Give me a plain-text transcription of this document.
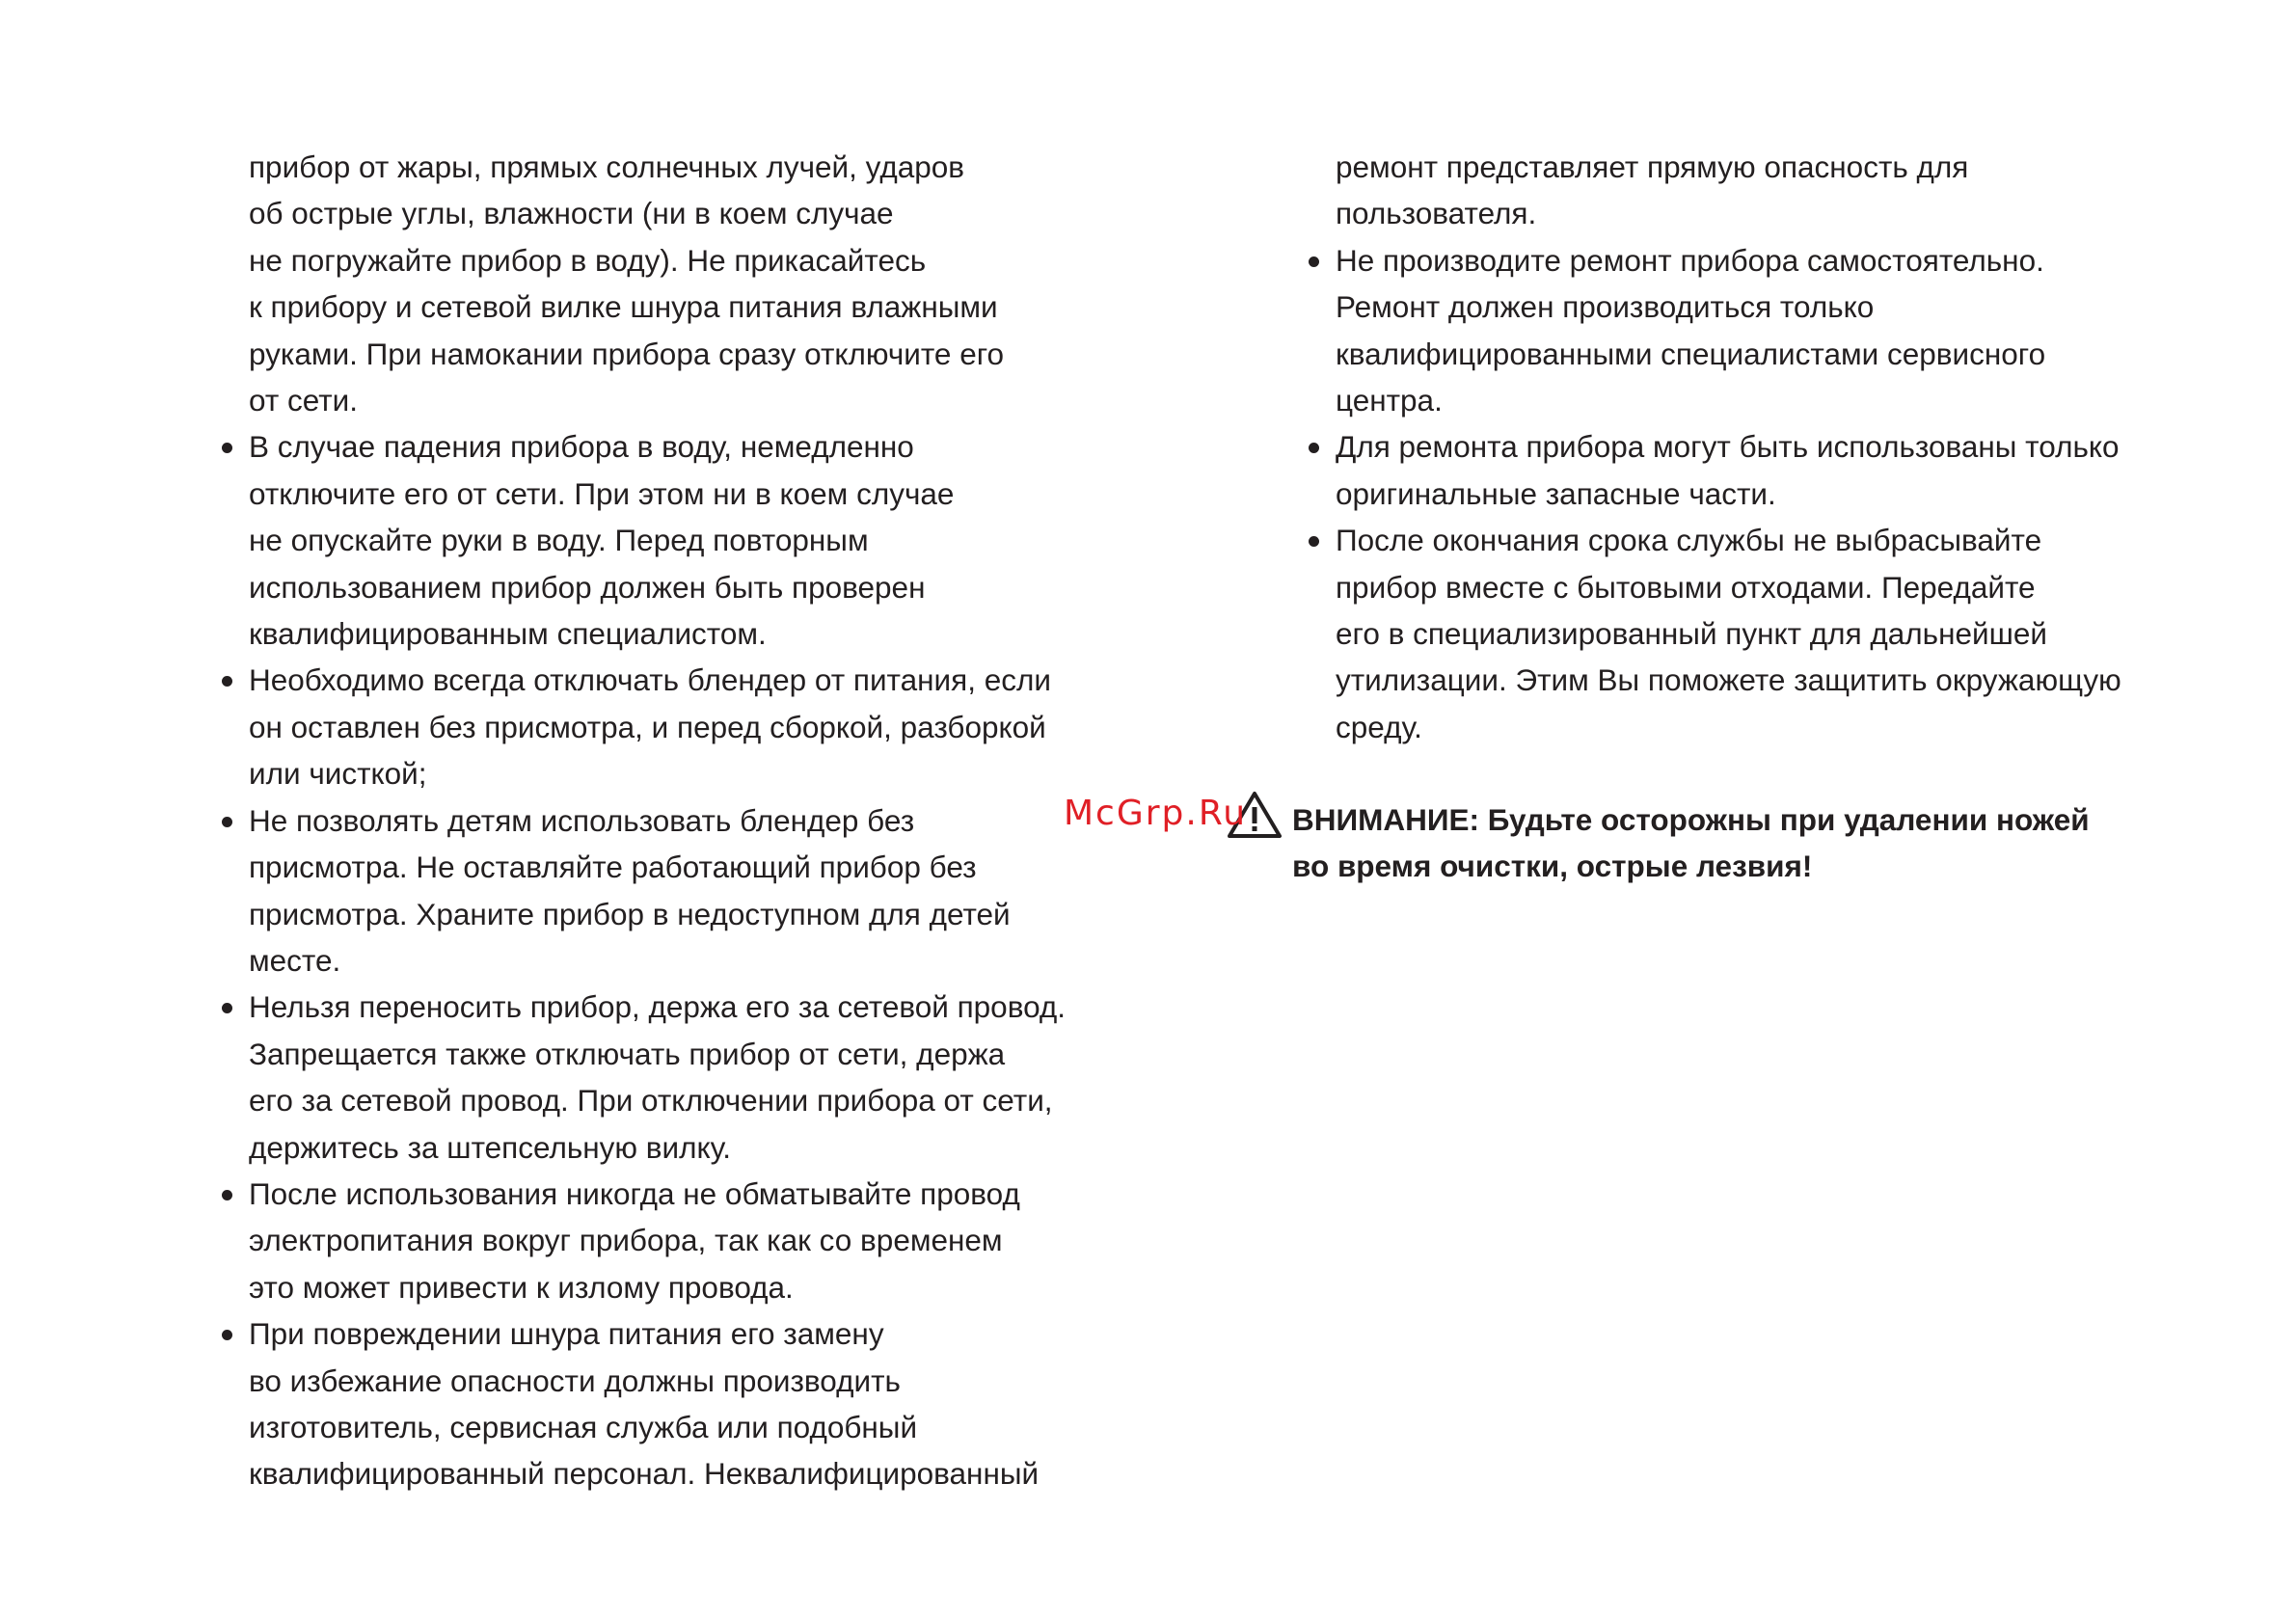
прибор от жары, прямых солнечных лучей, ударов
об острые углы, влажности (ни в коем случае
не погружайте прибор в воду). Не прикасайтесь
к прибору и сетевой вилке шнура питания влажными
руками. При намокании прибора сразу отключите его
от сети.
В случае падения прибора в воду, немедленно
отключите его от сети. При этом ни в коем случае
не опускайте руки в воду. Перед повторным
использованием прибор должен быть проверен
квалифицированным специалистом.
Необходимо всегда отключать блендер от питания, если
он оставлен без присмотра, и перед сборкой, разборкой
или чисткой;
Не позволять детям использовать блендер без
присмотра. Не оставляйте работающий прибор без
присмотра. Храните прибор в недоступном для детей
месте.
Нельзя переносить прибор, держа его за сетевой провод.
Запрещается также отключать прибор от сети, держа
его за сетевой провод. При отключении прибора от сети,
держитесь за штепсельную вилку.
После использования никогда не обматывайте провод
электропитания вокруг прибора, так как со временем
это может привести к излому провода.
При повреждении шнура питания его замену
во избежание опасности должны производить
изготовитель, сервисная служба или подобный
квалифицированный персонал. Неквалифицированный
ремонт представляет прямую опасность для
пользователя.
Не производите ремонт прибора самостоятельно.
Ремонт должен производиться только
квалифицированными специалистами сервисного
центра.
Для ремонта прибора могут быть использованы только
оригинальные запасные части.
После окончания срока службы не выбрасывайте
прибор вместе с бытовыми отходами. Передайте
его в специализированный пункт для дальнейшей
утилизации. Этим Вы поможете защитить окружающую
среду.
ВНИМАНИЕ: Будьте осторожны при удалении ножей
во время очистки, острые лезвия!
McGrp.Ru
